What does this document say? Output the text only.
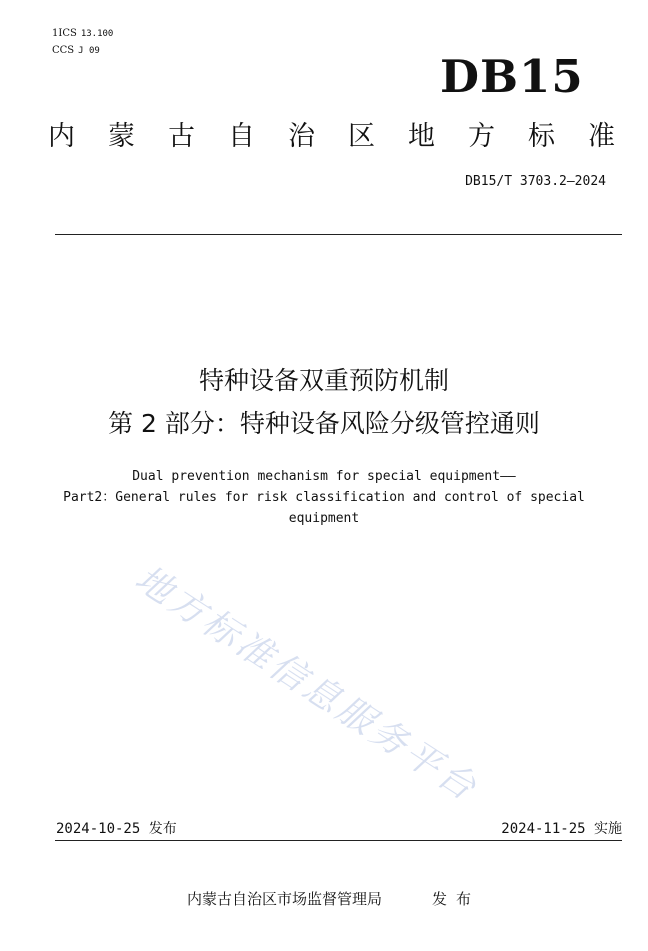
1ICS 13.100
CCS J 09	DB15
内蒙古自治区地方标准
DB15/T 3703.2—2024
特种设备双重预防机制
第 2 部分：特种设备风险分级管控通则
Dual prevention mechanism for special equipment——
Part2：General rules for risk classification and control of special
equipment
地方标准信息服务平台
2024-10-25 发布	2024-11-25 实施
内蒙古自治区市场监督管理局	发布
